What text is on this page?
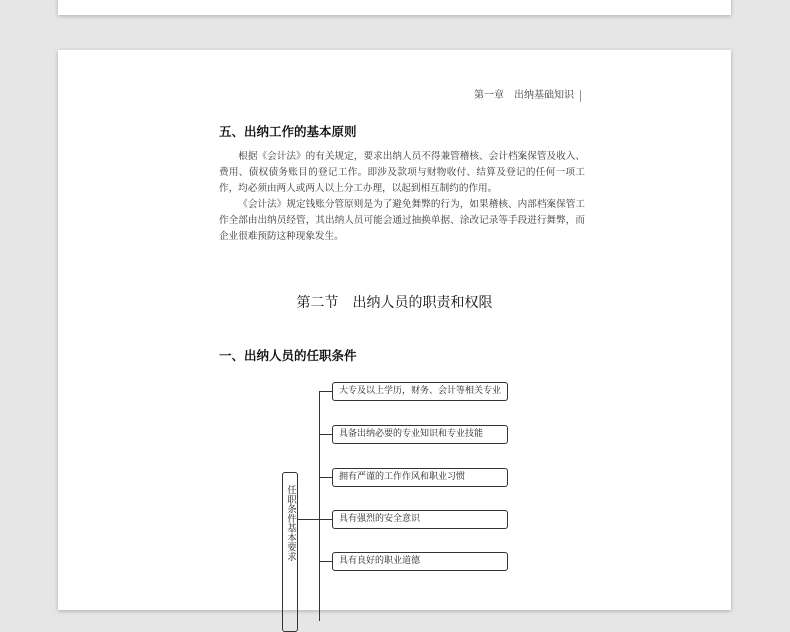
第一章　出纳基础知识
五、出纳工作的基本原则

根据《会计法》的有关规定，要求出纳人员不得兼管稽核、会计档案保管及收入、费用、债权债务账目的登记工作。即涉及款项与财物收付、结算及登记的任何一项工作，均必须由两人或两人以上分工办理，以起到相互制约的作用。

《会计法》规定钱账分管原则是为了避免舞弊的行为，如果稽核、内部档案保管工作全部由出纳员经管，其出纳人员可能会通过抽换单据、涂改记录等手段进行舞弊，而企业很难预防这种现象发生。

第二节　出纳人员的职责和权限
一、出纳人员的任职条件
任职条件基本要求
大专及以上学历，财务、会计等相关专业
具备出纳必要的专业知识和专业技能
拥有严谨的工作作风和职业习惯
具有强烈的安全意识
具有良好的职业道德
